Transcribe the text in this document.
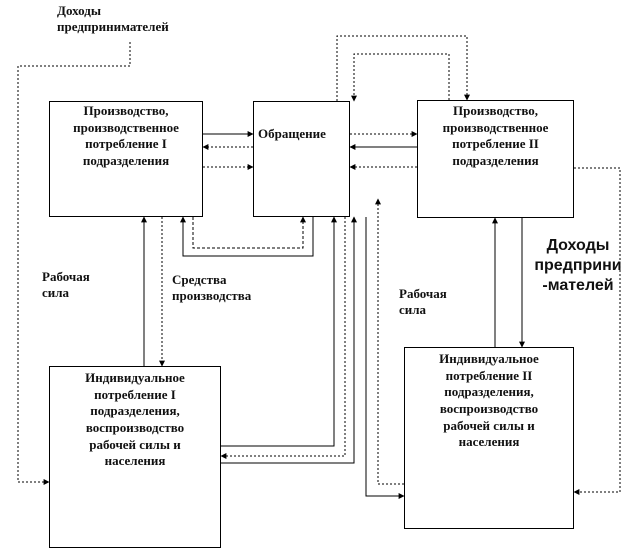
Доходы
предпринимателей
Производство,
производственное
потребление I
подразделения
Обращение
Производство,
производственное
потребление II
подразделения
Рабочая
сила
Средства
производства	Рабочая
сила
Доходы
предприни
-мателей
Индивидуальное
потребление I
подразделения,
воспроизводство
рабочей силы и
населения
Индивидуальное
потребление II
подразделения,
воспроизводство
рабочей силы и
населения
